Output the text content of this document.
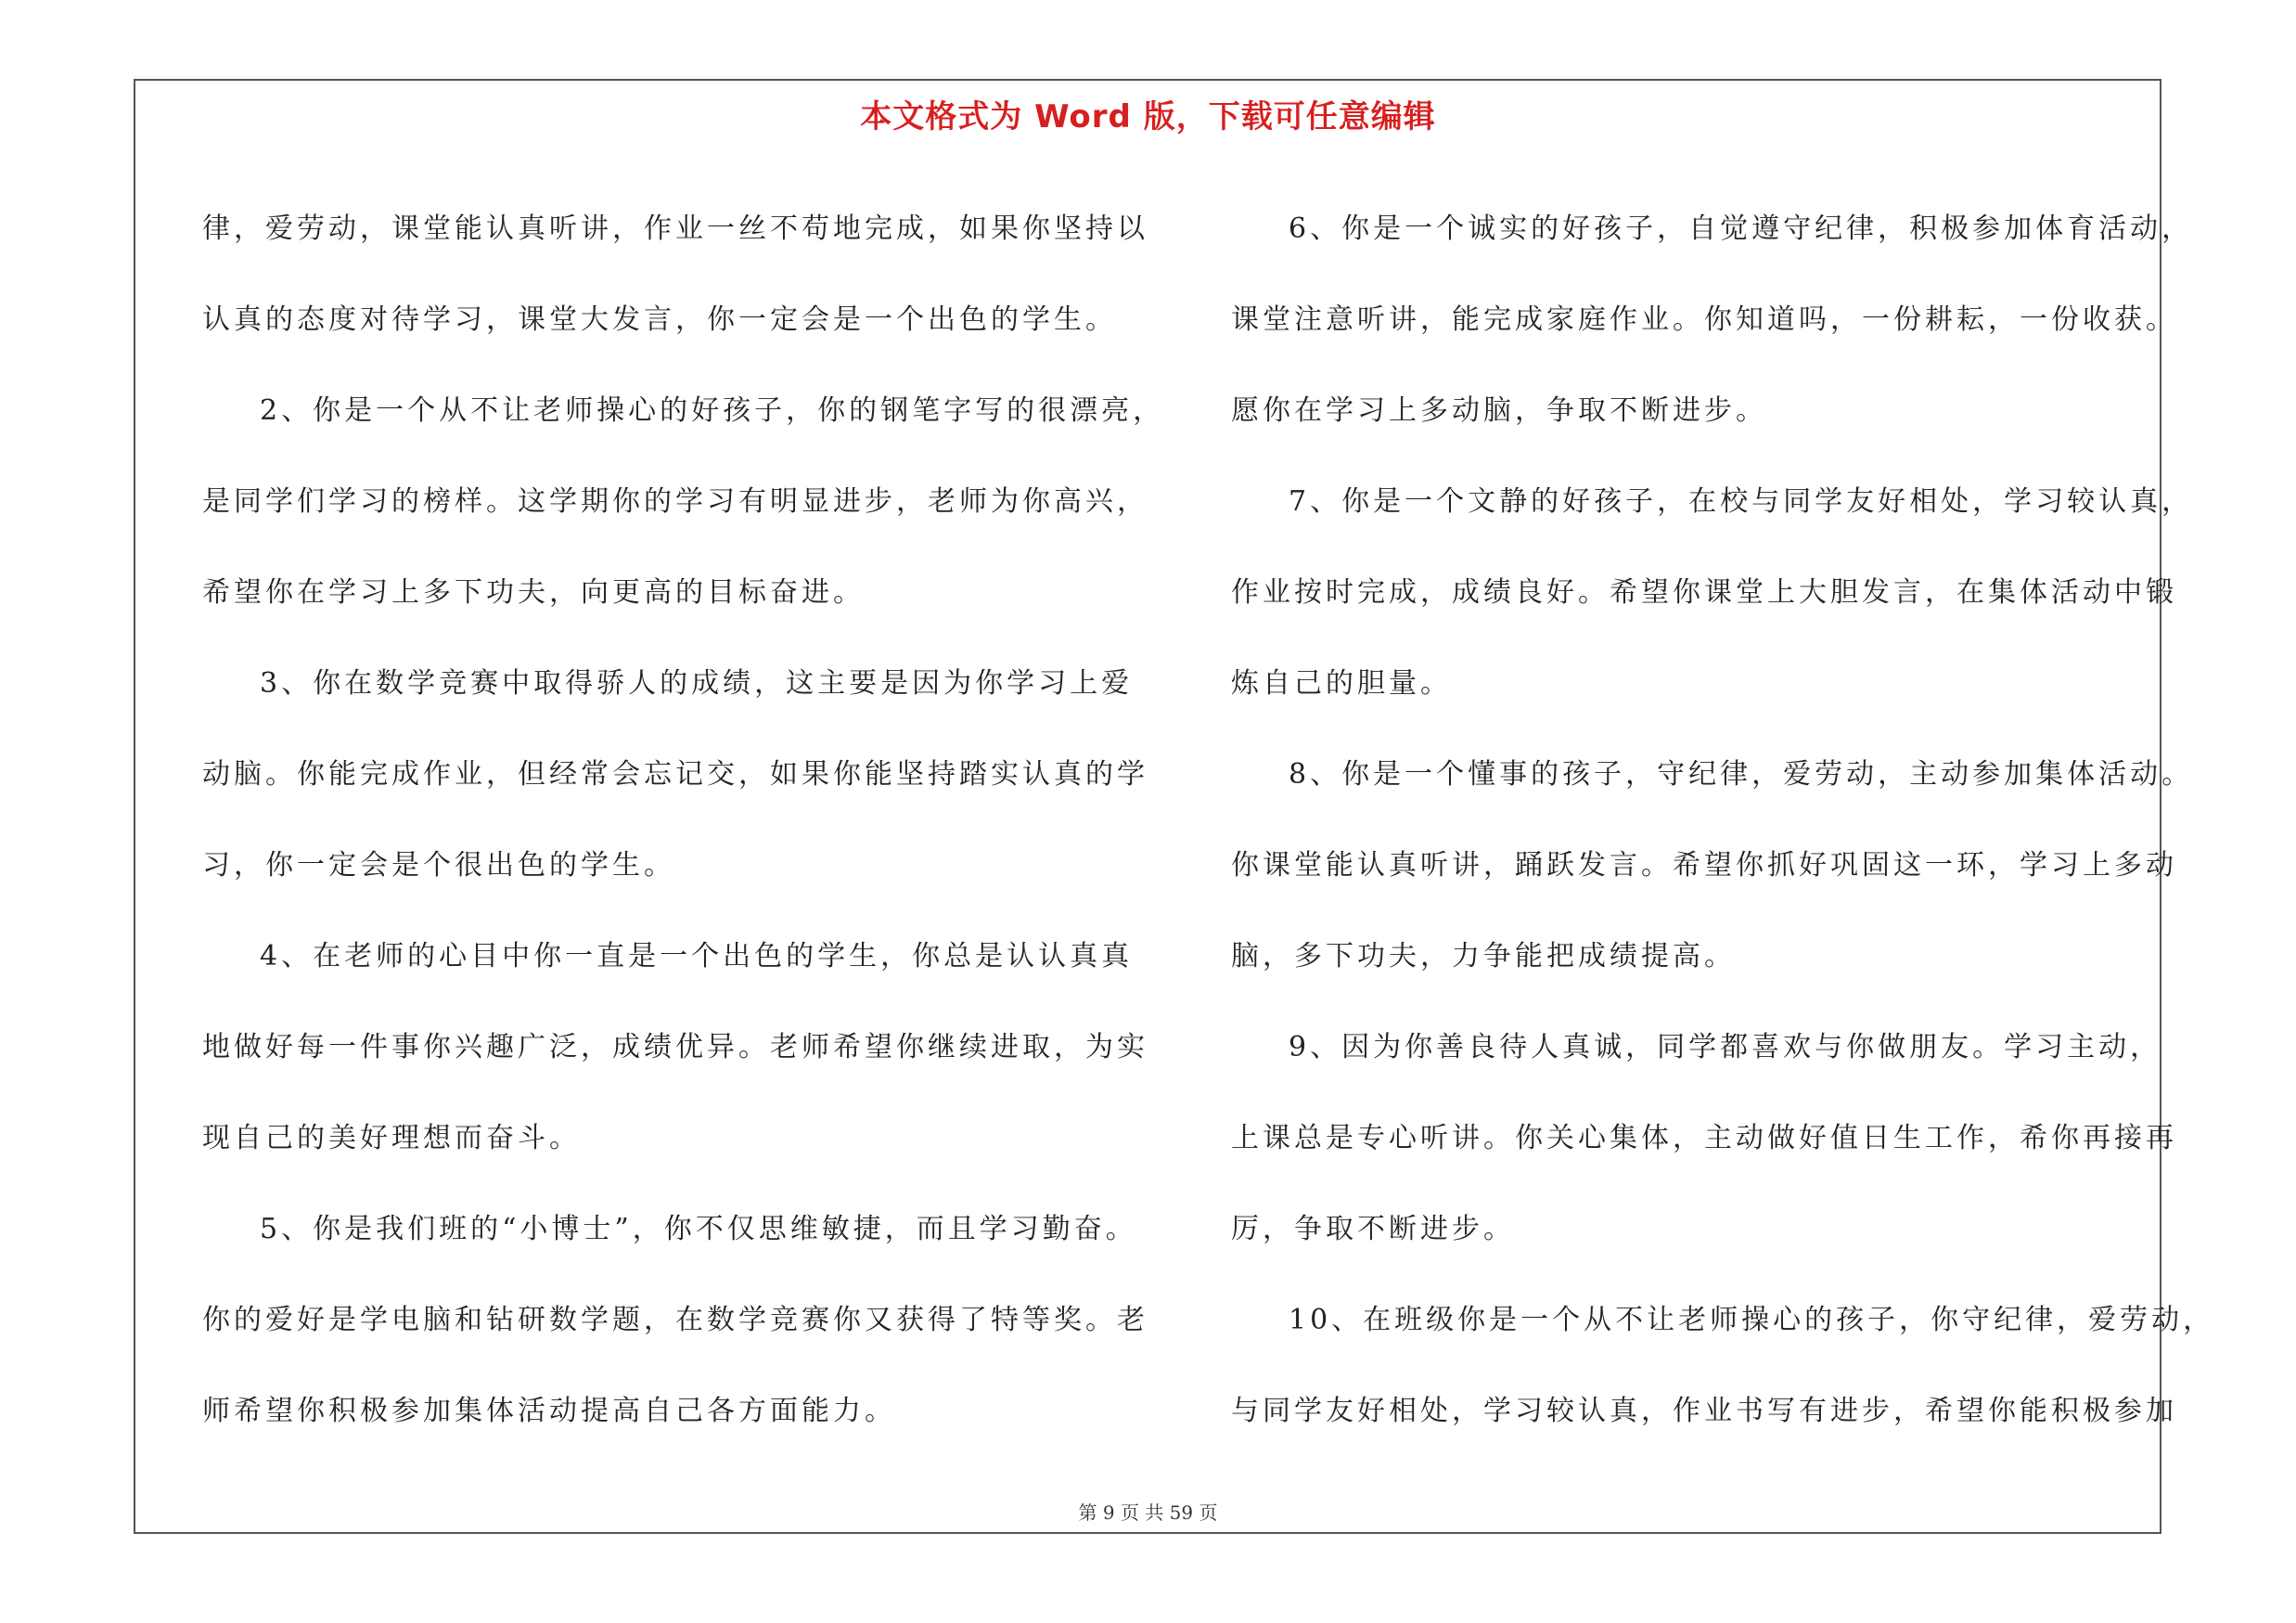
本文格式为 Word 版，下载可任意编辑
律，爱劳动，课堂能认真听讲，作业一丝不苟地完成，如果你坚持以
认真的态度对待学习，课堂大发言，你一定会是一个出色的学生。
2、你是一个从不让老师操心的好孩子，你的钢笔字写的很漂亮，
是同学们学习的榜样。这学期你的学习有明显进步，老师为你高兴，
希望你在学习上多下功夫，向更高的目标奋进。
3、你在数学竞赛中取得骄人的成绩，这主要是因为你学习上爱
动脑。你能完成作业，但经常会忘记交，如果你能坚持踏实认真的学
习，你一定会是个很出色的学生。
4、在老师的心目中你一直是一个出色的学生，你总是认认真真
地做好每一件事你兴趣广泛，成绩优异。老师希望你继续进取，为实
现自己的美好理想而奋斗。
5、你是我们班的“小博士”，你不仅思维敏捷，而且学习勤奋。
你的爱好是学电脑和钻研数学题，在数学竞赛你又获得了特等奖。老
师希望你积极参加集体活动提高自己各方面能力。
6、你是一个诚实的好孩子，自觉遵守纪律，积极参加体育活动，
课堂注意听讲，能完成家庭作业。你知道吗，一份耕耘，一份收获。
愿你在学习上多动脑，争取不断进步。
7、你是一个文静的好孩子，在校与同学友好相处，学习较认真，
作业按时完成，成绩良好。希望你课堂上大胆发言，在集体活动中锻
炼自己的胆量。
8、你是一个懂事的孩子，守纪律，爱劳动，主动参加集体活动。
你课堂能认真听讲，踊跃发言。希望你抓好巩固这一环，学习上多动
脑，多下功夫，力争能把成绩提高。
9、因为你善良待人真诚，同学都喜欢与你做朋友。学习主动，
上课总是专心听讲。你关心集体，主动做好值日生工作，希你再接再
厉，争取不断进步。
10、在班级你是一个从不让老师操心的孩子，你守纪律，爱劳动，
与同学友好相处，学习较认真，作业书写有进步，希望你能积极参加
第 9 页 共 59 页
